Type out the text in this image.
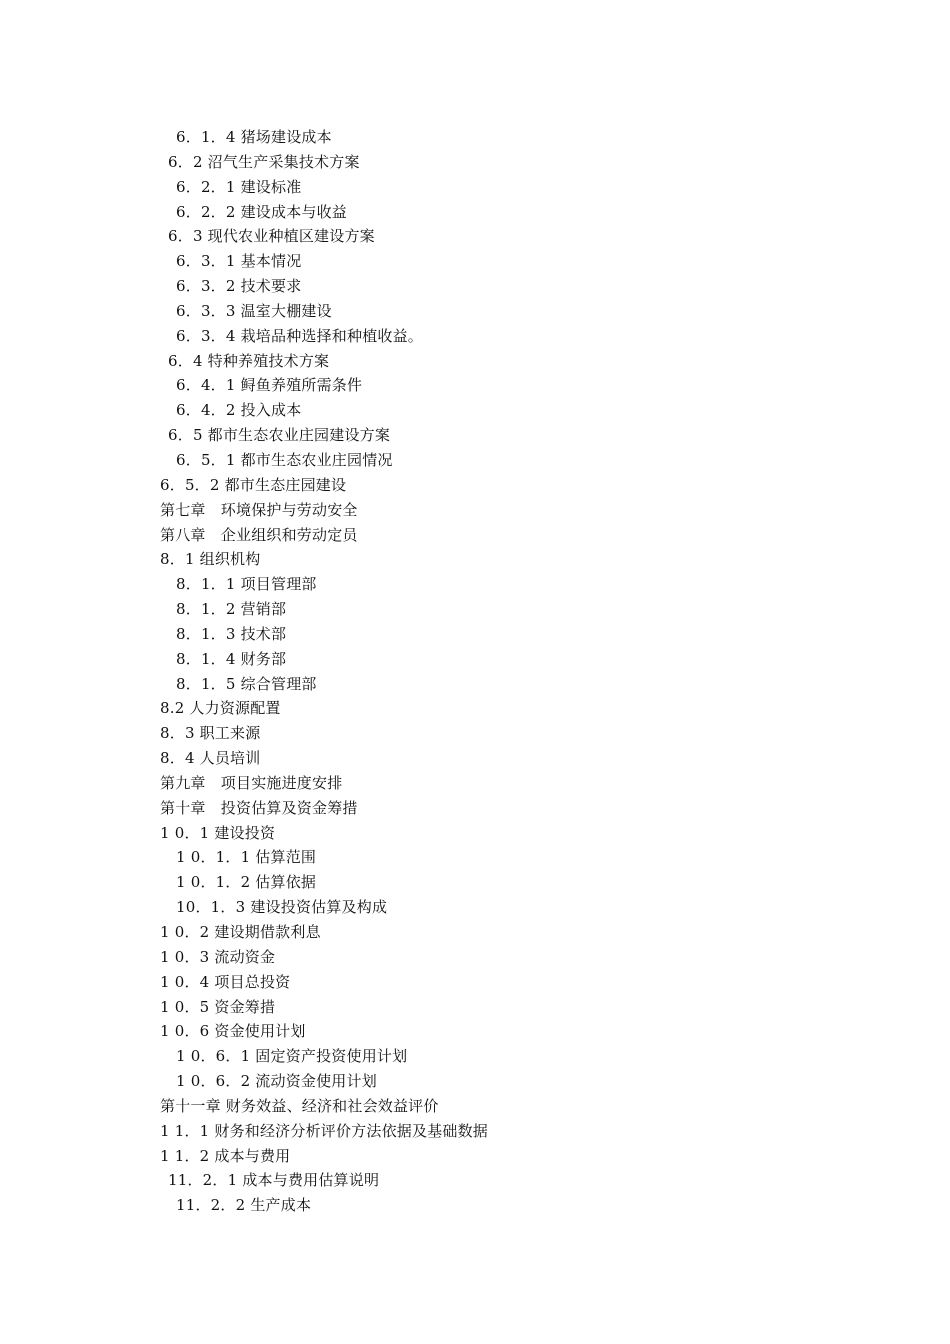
6．1．4 猪场建设成本
6．2 沼气生产采集技术方案
6．2．1 建设标准
6．2．2 建设成本与收益
6．3 现代农业种植区建设方案
6．3．1 基本情况
6．3．2 技术要求
6．3．3 温室大棚建设
6．3．4 栽培品种选择和种植收益。
6．4 特种养殖技术方案
6．4．1 鲟鱼养殖所需条件
6．4．2 投入成本
6．5 都市生态农业庄园建设方案
6．5．1 都市生态农业庄园情况
6．5．2 都市生态庄园建设
第七章　环境保护与劳动安全
第八章　企业组织和劳动定员
8．1 组织机构
8．1．1 项目管理部
8．1．2 营销部
8．1．3 技术部
8．1．4 财务部
8．1．5 综合管理部
8.2 人力资源配置
8．3 职工来源
8．4 人员培训
第九章　项目实施进度安排
第十章　投资估算及资金筹措
1 0．1 建设投资
1 0．1．1 估算范围
1 0．1．2 估算依据
10．1．3 建设投资估算及构成
1 0．2 建设期借款利息
1 0．3 流动资金
1 0．4 项目总投资
1 0．5 资金筹措
1 0．6 资金使用计划
1 0．6．1 固定资产投资使用计划
1 0．6．2 流动资金使用计划
第十一章 财务效益、经济和社会效益评价
1 1．1 财务和经济分析评价方法依据及基础数据
1 1．2 成本与费用
11．2．1 成本与费用估算说明
11．2．2 生产成本
